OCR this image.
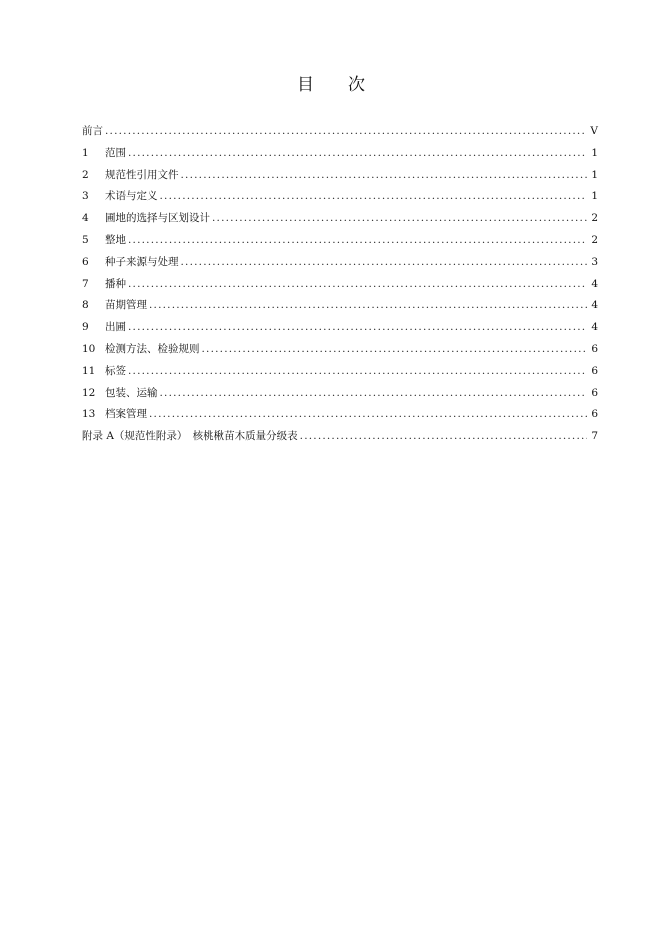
目　　次
前言 .....	V
1	范围 .....	1
2	规范性引用文件 .....	1
3	术语与定义 .....	1
4	圃地的选择与区划设计 .....	2
5	整地 .....	2
6	种子来源与处理 .....	3
7	播种 .....	4
8	苗期管理 .....	4
9	出圃 .....	4
10 检测方法、检验规则 .....	6
11 标签 .....	6
12 包装、运输 .....	6
13 档案管理 .....	6
附录 A（规范性附录）　核桃楸苗木质量分级表 .....	7
